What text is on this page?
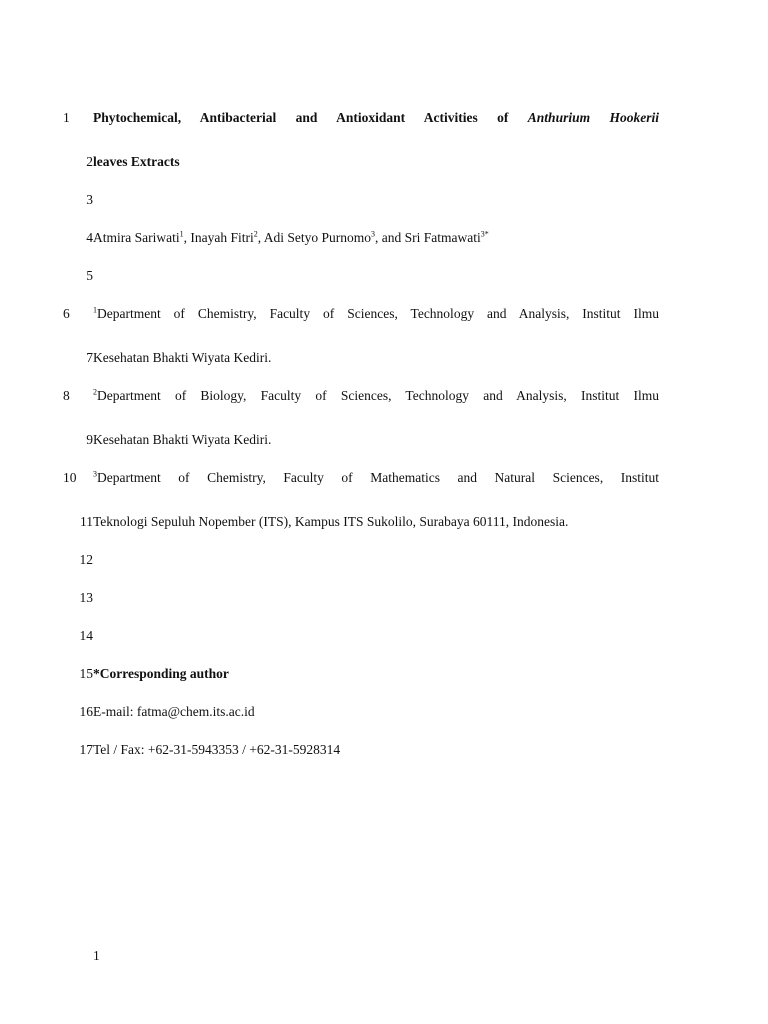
1	Phytochemical, Antibacterial and Antioxidant Activities of Anthurium Hookerii
2 leaves Extracts
3
4 Atmira Sariwati$^1$, Inayah Fitri$^2$, Adi Setyo Purnomo$^3$, and Sri Fatmawati$^{3*}$
5
6	$^1$Department of Chemistry, Faculty of Sciences, Technology and Analysis, Institut Ilmu
7 Kesehatan Bhakti Wiyata Kediri.
8	$^2$Department of Biology, Faculty of Sciences, Technology and Analysis, Institut Ilmu
9 Kesehatan Bhakti Wiyata Kediri.
10	$^3$Department of Chemistry, Faculty of Mathematics and Natural Sciences, Institut
11 Teknologi Sepuluh Nopember (ITS), Kampus ITS Sukolilo, Surabaya 60111, Indonesia.
12
13
14
15 *Corresponding author
16 E-mail: fatma@chem.its.ac.id
17 Tel / Fax: +62-31-5943353 / +62-31-5928314
1
